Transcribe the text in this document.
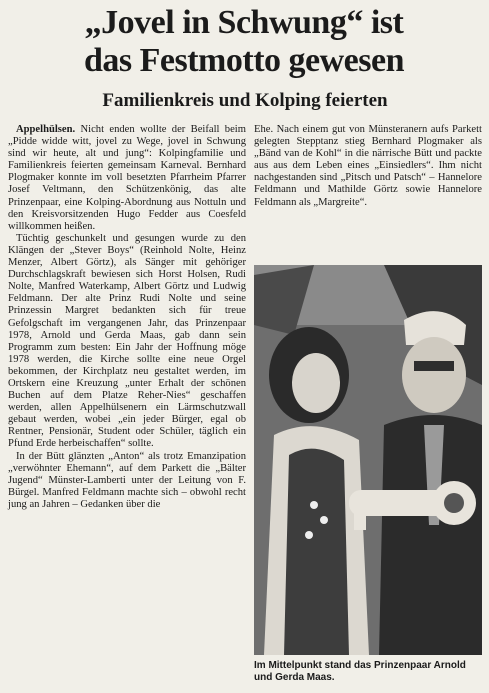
„Jovel in Schwung“ ist
das Festmotto gewesen
Familienkreis und Kolping feierten

Appelhülsen. Nicht enden wollte der Beifall beim „Pidde widde witt, jovel zu Wege, jovel in Schwung sind wir heute, alt und jung“: Kolpingfamilie und Familienkreis feierten gemeinsam Karneval. Bernhard Plogmaker konnte im voll besetzten Pfarrheim Pfarrer Josef Veltmann, den Schützenkönig, das alte Prinzenpaar, eine Kolping-Abordnung aus Nottuln und den Kreisvorsitzenden Hugo Fedder aus Coesfeld willkommen heißen.

Tüchtig geschunkelt und gesungen wurde zu den Klängen der „Stever Boys“ (Reinhold Nolte, Heinz Menzer, Albert Görtz), als Sänger mit gehöriger Durchschlagskraft bewiesen sich Horst Holsen, Rudi Nolte, Manfred Waterkamp, Albert Görtz und Ludwig Feldmann. Der alte Prinz Rudi Nolte und seine Prinzessin Margret bedankten sich für treue Gefolgschaft im vergangenen Jahr, das Prinzenpaar 1978, Arnold und Gerda Maas, gab dann sein Programm zum besten: Ein Jahr der Hoffnung möge 1978 werden, die Kirche sollte eine neue Orgel bekommen, der Kirchplatz neu gestaltet werden, im Ortskern eine Kreuzung „unter Erhalt der schönen Buchen auf dem Platze Reher-Nies“ geschaffen werden, allen Appelhülsenern ein Lärmschutzwall gebaut werden, wobei „ein jeder Bürger, egal ob Rentner, Pensionär, Student oder Schüler, täglich ein Pfund Erde herbeischaffen“ sollte.

In der Bütt glänzten „Anton“ als trotz Emanzipation „verwöhnter Ehemann“, auf dem Parkett die „Bälter Jugend“ Münster-Lamberti unter der Leitung von F. Bürgel. Manfred Feldmann machte sich – obwohl recht jung an Jahren – Gedanken über die

Ehe. Nach einem gut von Münsteranern aufs Parkett gelegten Stepptanz stieg Bernhard Plogmaker als „Bänd van de Kohl“ in die närrische Bütt und packte aus aus dem Leben eines „Einsiedlers“. Ihm nicht nachgestanden sind „Pitsch und Patsch“ – Hannelore Feldmann und Mathilde Görtz sowie Hannelore Feldmann als „Margreite“.

Im Mittelpunkt stand das Prinzenpaar Arnold und Gerda Maas.
